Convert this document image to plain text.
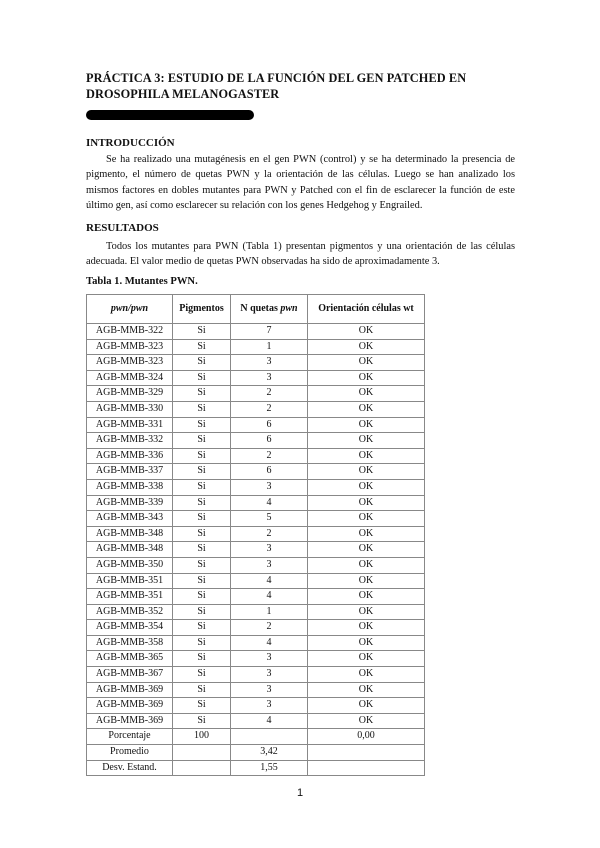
PRÁCTICA 3: ESTUDIO DE LA FUNCIÓN DEL GEN PATCHED EN DROSOPHILA MELANOGASTER
INTRODUCCIÓN

Se ha realizado una mutagénesis en el gen PWN (control) y se ha determinado la presencia de pigmento, el número de quetas PWN y la orientación de las células. Luego se han analizado los mismos factores en dobles mutantes para PWN y Patched con el fin de esclarecer la función de este último gen, así como esclarecer su relación con los genes Hedgehog y Engrailed.

RESULTADOS

Todos los mutantes para PWN (Tabla 1) presentan pigmentos y una orientación de las células adecuada. El valor medio de quetas PWN observadas ha sido de aproximadamente 3.

Tabla 1. Mutantes PWN.
pwn/pwn	Pigmentos	N quetas pwn	Orientación células wt
AGB-MMB-322	Si	7	OK
AGB-MMB-323	Si	1	OK
AGB-MMB-323	Si	3	OK
AGB-MMB-324	Si	3	OK
AGB-MMB-329	Si	2	OK
AGB-MMB-330	Si	2	OK
AGB-MMB-331	Si	6	OK
AGB-MMB-332	Si	6	OK
AGB-MMB-336	Si	2	OK
AGB-MMB-337	Si	6	OK
AGB-MMB-338	Si	3	OK
AGB-MMB-339	Si	4	OK
AGB-MMB-343	Si	5	OK
AGB-MMB-348	Si	2	OK
AGB-MMB-348	Si	3	OK
AGB-MMB-350	Si	3	OK
AGB-MMB-351	Si	4	OK
AGB-MMB-351	Si	4	OK
AGB-MMB-352	Si	1	OK
AGB-MMB-354	Si	2	OK
AGB-MMB-358	Si	4	OK
AGB-MMB-365	Si	3	OK
AGB-MMB-367	Si	3	OK
AGB-MMB-369	Si	3	OK
AGB-MMB-369	Si	3	OK
AGB-MMB-369	Si	4	OK
Porcentaje	100		0,00
Promedio		3,42	
Desv. Estand.		1,55	
1
